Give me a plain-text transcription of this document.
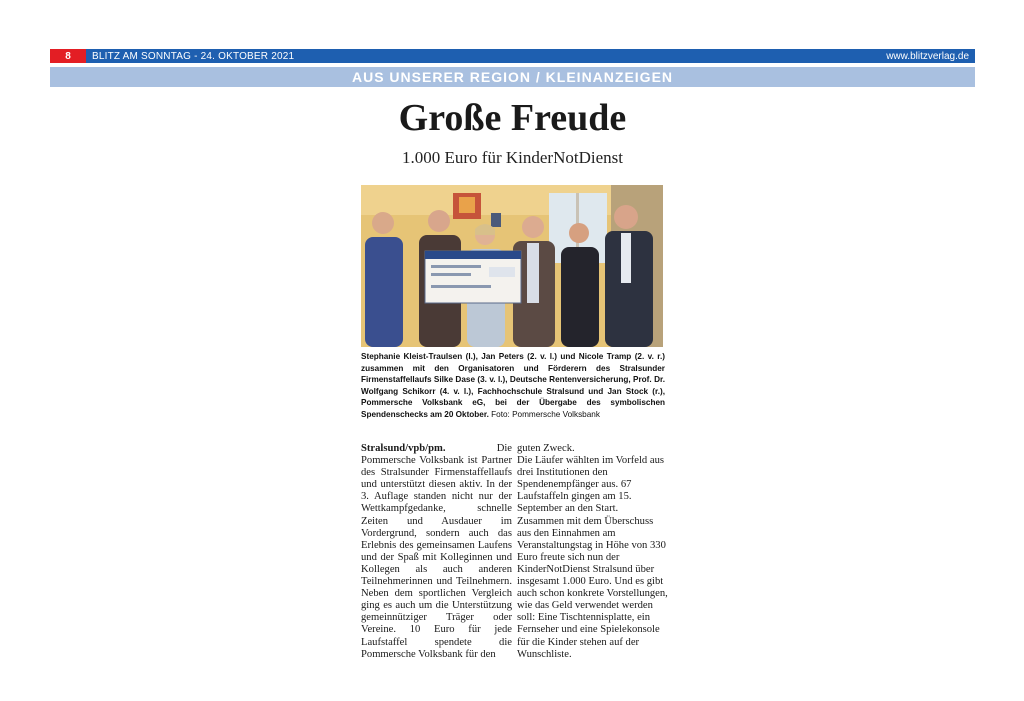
8	BLITZ AM SONNTAG - 24. OKTOBER 2021	www.blitzverlag.de
AUS UNSERER REGION / KLEINANZEIGEN
Große Freude
1.000 Euro für KinderNotDienst
Stephanie Kleist-Traulsen (l.), Jan Peters (2. v. l.) und Nicole Tramp (2. v. r.) zusammen mit den Organisatoren und Förderern des Stralsunder Firmenstaffellaufs Silke Dase (3. v. l.), Deutsche Rentenversicherung, Prof. Dr. Wolfgang Schikorr (4. v. l.), Fachhochschule Stralsund und Jan Stock (r.), Pommersche Volksbank eG, bei der Übergabe des symbolischen Spendenschecks am 20 Oktober. Foto: Pommersche Volksbank
Stralsund/vpb/pm.	Die Pommersche Volksbank ist Partner des Stralsunder Firmenstaffellaufs und unterstützt diesen aktiv. In der 3. Auflage standen nicht nur der Wettkampfgedanke, schnelle Zeiten und Ausdauer im Vordergrund, sondern auch das Erlebnis des gemeinsamen Laufens und der Spaß mit Kolleginnen und Kollegen als auch anderen Teilnehmerinnen und Teilnehmern. Neben dem sportlichen Vergleich ging es auch um die Unterstützung gemeinnütziger Träger oder Vereine. 10 Euro für jede Laufstaffel spendete die Pommersche Volksbank für den

guten Zweck.

Die Läufer wählten im Vorfeld aus drei Institutionen den Spendenempfänger aus. 67 Laufstaffeln gingen am 15. September an den Start.

Zusammen mit dem Überschuss aus den Einnahmen am Veranstaltungstag in Höhe von 330 Euro freute sich nun der KinderNotDienst Stralsund über insgesamt 1.000 Euro. Und es gibt auch schon konkrete Vorstellungen, wie das Geld verwendet werden soll: Eine Tischtennisplatte, ein Fernseher und eine Spielekonsole für die Kinder stehen auf der Wunschliste.
